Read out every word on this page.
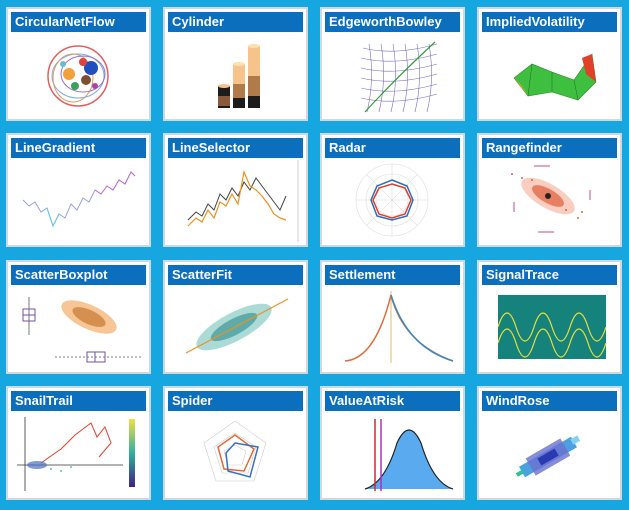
CircularNetFlow	Cylinder	EdgeworthBowley	ImpliedVolatility
LineGradient	LineSelector	Radar	Rangefinder
ScatterBoxplot	ScatterFit	Settlement	SignalTrace
SnailTrail	Spider	ValueAtRisk	WindRose
